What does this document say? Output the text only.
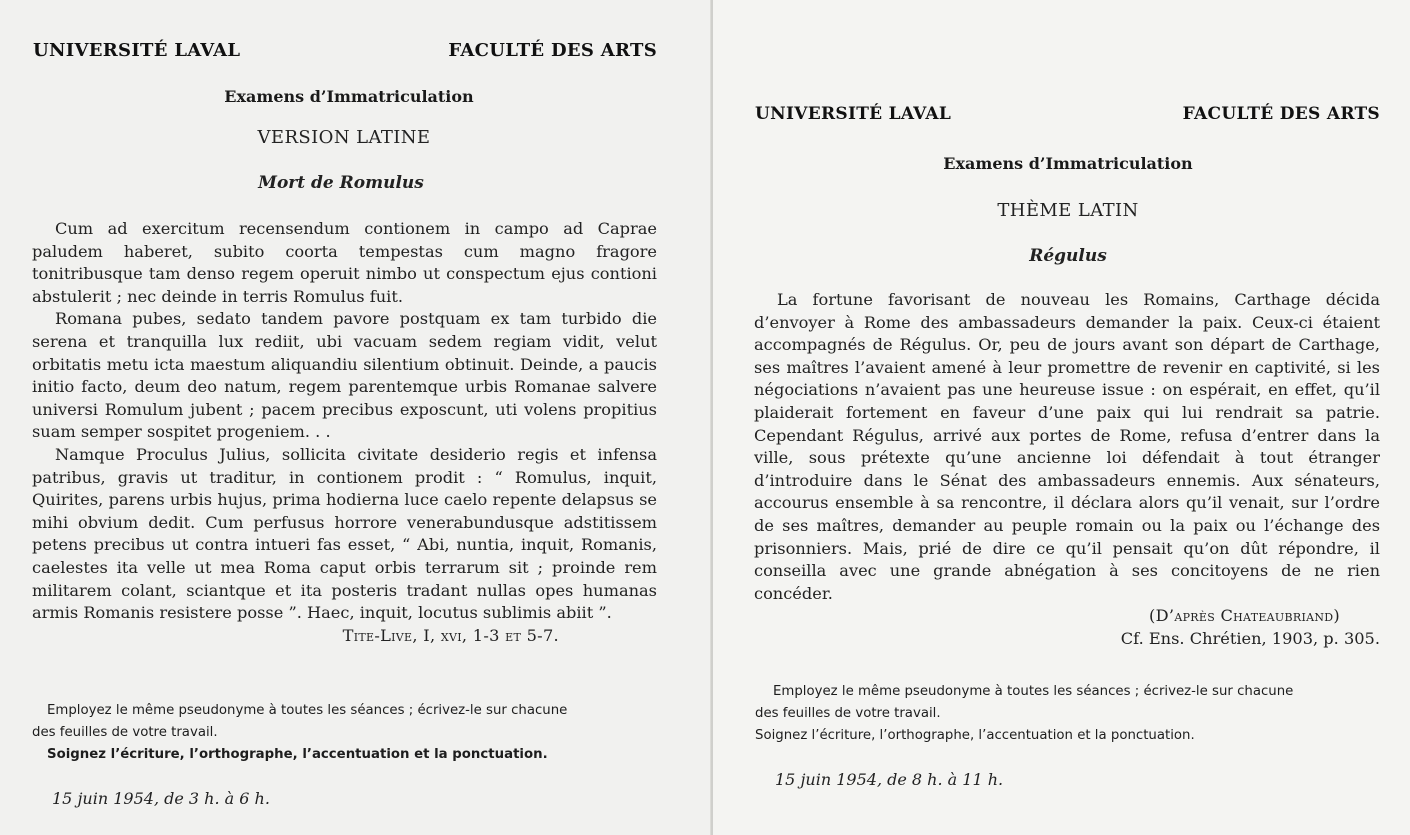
UNIVERSITÉ LAVAL	FACULTÉ DES ARTS
Examens d’Immatriculation
VERSION LATINE
Mort de Romulus

Cum ad exercitum recensendum contionem in campo ad Caprae paludem haberet, subito coorta tempestas cum magno fragore tonitribusque tam denso regem operuit nimbo ut conspectum ejus contioni abstulerit ; nec deinde in terris Romulus fuit.

Romana pubes, sedato tandem pavore postquam ex tam turbido die serena et tranquilla lux rediit, ubi vacuam sedem regiam vidit, velut orbitatis metu icta maestum aliquandiu silentium obtinuit. Deinde, a paucis initio facto, deum deo natum, regem parentemque urbis Romanae salvere universi Romulum jubent ; pacem precibus exposcunt, uti volens propitius suam semper sospitet progeniem. . .

Namque Proculus Julius, sollicita civitate desiderio regis et infensa patribus, gravis ut traditur, in contionem prodit : “ Romulus, inquit, Quirites, parens urbis hujus, prima hodierna luce caelo repente delapsus se mihi obvium dedit. Cum perfusus horrore venerabundusque adstitissem petens precibus ut contra intueri fas esset, “ Abi, nuntia, inquit, Romanis, caelestes ita velle ut mea Roma caput orbis terrarum sit ; proinde rem militarem colant, sciantque et ita posteris tradant nullas opes humanas armis Romanis resistere posse ”. Haec, inquit, locutus sublimis abiit ”.

Tite-Live, I, xvi, 1-3 et 5-7.
Employez le même pseudonyme à toutes les séances ; écrivez-le sur chacune
des feuilles de votre travail.
Soignez l’écriture, l’orthographe, l’accentuation et la ponctuation.
15 juin 1954, de 3 h. à 6 h.
UNIVERSITÉ LAVAL	FACULTÉ DES ARTS
Examens d’Immatriculation
THÈME LATIN
Régulus

La fortune favorisant de nouveau les Romains, Carthage décida d’envoyer à Rome des ambassadeurs demander la paix. Ceux-ci étaient accompagnés de Régulus. Or, peu de jours avant son départ de Carthage, ses maîtres l’avaient amené à leur promettre de revenir en captivité, si les négociations n’avaient pas une heureuse issue : on espérait, en effet, qu’il plaiderait fortement en faveur d’une paix qui lui rendrait sa patrie. Cependant Régulus, arrivé aux portes de Rome, refusa d’entrer dans la ville, sous prétexte qu’une ancienne loi défendait à tout étranger d’introduire dans le Sénat des ambassadeurs ennemis. Aux sénateurs, accourus ensemble à sa rencontre, il déclara alors qu’il venait, sur l’ordre de ses maîtres, demander au peuple romain ou la paix ou l’échange des prisonniers. Mais, prié de dire ce qu’il pensait qu’on dût répondre, il conseilla avec une grande abnégation à ses concitoyens de ne rien concéder.

(D’après Chateaubriand)
Cf. Ens. Chrétien, 1903, p. 305.
Employez le même pseudonyme à toutes les séances ; écrivez-le sur chacune
des feuilles de votre travail.
Soignez l’écriture, l’orthographe, l’accentuation et la ponctuation.
15 juin 1954, de 8 h. à 11 h.
